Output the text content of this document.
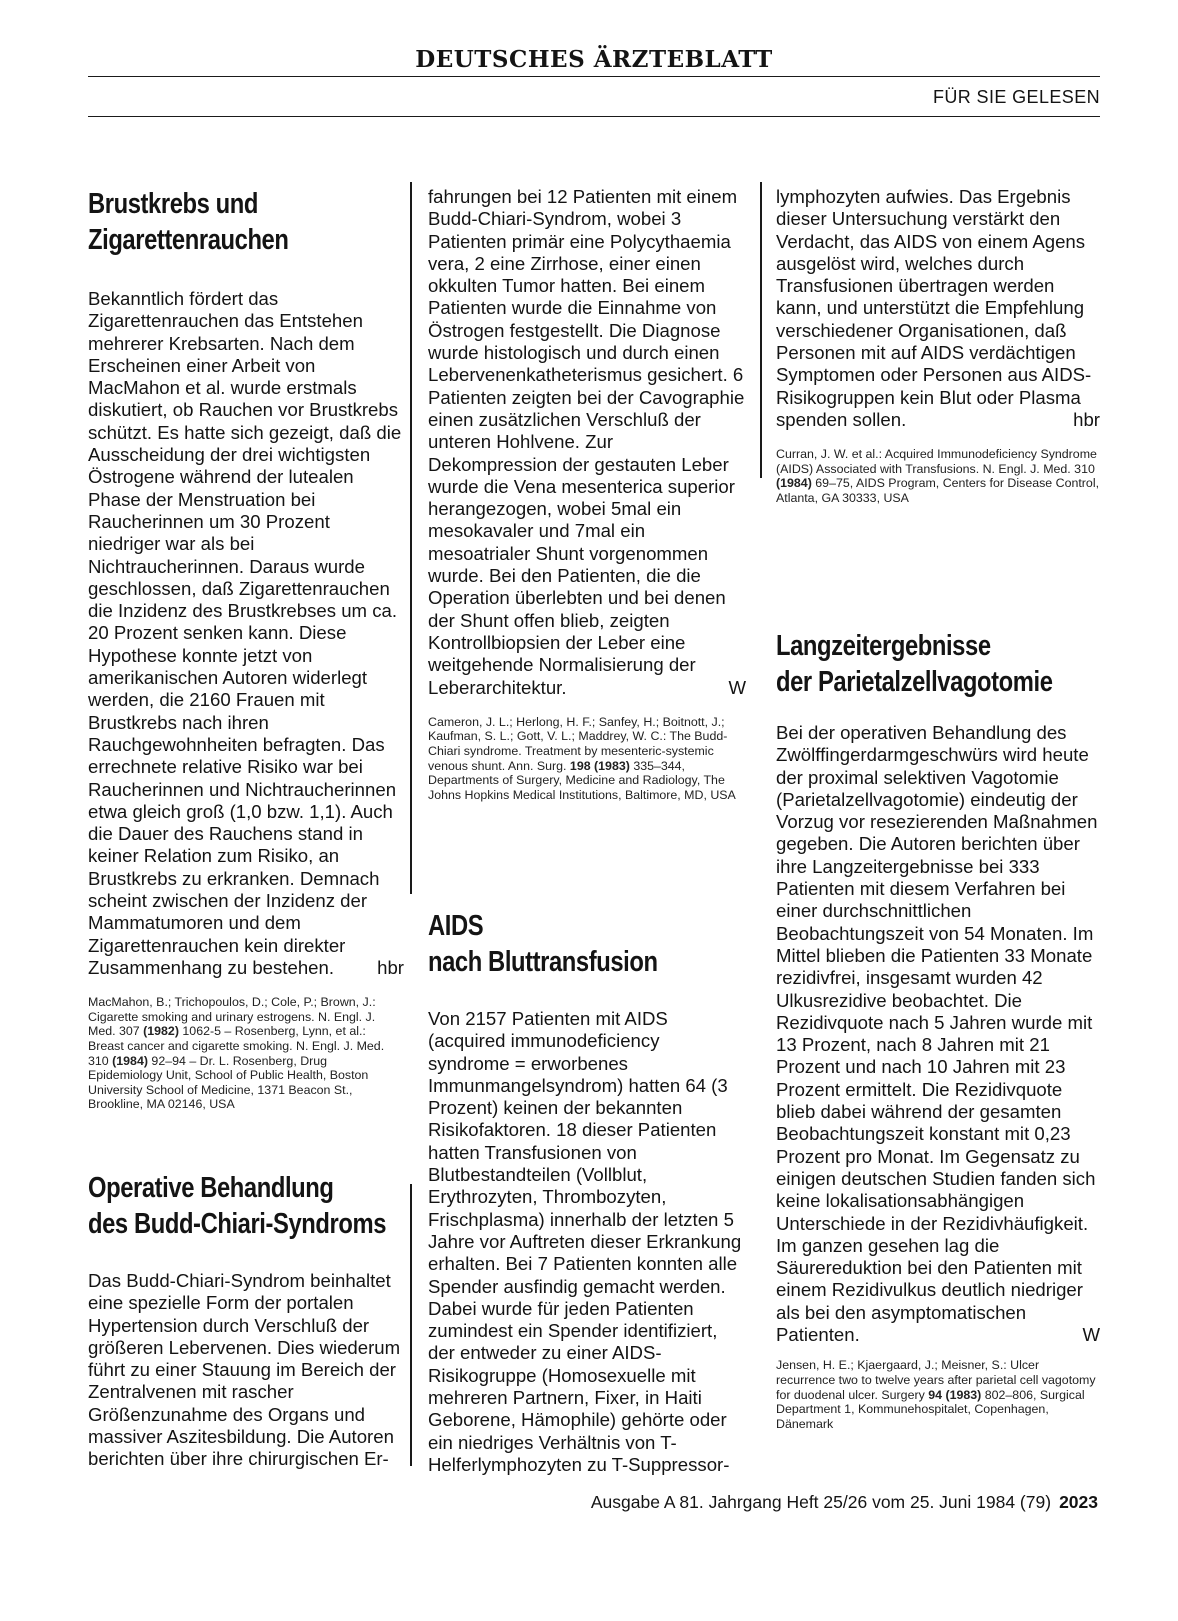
DEUTSCHES ÄRZTEBLATT
FÜR SIE GELESEN
Brustkrebs und
Zigarettenrauchen

Bekanntlich fördert das Zigarettenrauchen das Entstehen mehrerer Krebsarten. Nach dem Erscheinen einer Arbeit von MacMahon et al. wurde erstmals diskutiert, ob Rauchen vor Brustkrebs schützt. Es hatte sich gezeigt, daß die Ausscheidung der drei wichtigsten Östrogene während der lutealen Phase der Menstruation bei Raucherinnen um 30 Prozent niedriger war als bei Nichtraucherinnen. Daraus wurde geschlossen, daß Zigarettenrauchen die Inzidenz des Brustkrebses um ca. 20 Prozent senken kann. Diese Hypothese konnte jetzt von amerikanischen Autoren widerlegt werden, die 2160 Frauen mit Brustkrebs nach ihren Rauchgewohnheiten befragten. Das errechnete relative Risiko war bei Raucherinnen und Nichtraucherinnen etwa gleich groß (1,0 bzw. 1,1). Auch die Dauer des Rauchens stand in keiner Relation zum Risiko, an Brustkrebs zu erkranken. Demnach scheint zwischen der Inzidenz der Mammatumoren und dem Zigarettenrauchen kein direkter Zusammenhang zu bestehen. hbr

MacMahon, B.; Trichopoulos, D.; Cole, P.; Brown, J.: Cigarette smoking and urinary estrogens. N. Engl. J. Med. 307 (1982) 1062-5 – Rosenberg, Lynn, et al.: Breast cancer and cigarette smoking. N. Engl. J. Med. 310 (1984) 92–94 – Dr. L. Rosenberg, Drug Epidemiology Unit, School of Public Health, Boston University School of Medicine, 1371 Beacon St., Brookline, MA 02146, USA

Operative Behandlung
des Budd-Chiari-Syndroms

Das Budd-Chiari-Syndrom beinhaltet eine spezielle Form der portalen Hypertension durch Verschluß der größeren Lebervenen. Dies wiederum führt zu einer Stauung im Bereich der Zentralvenen mit rascher Größenzunahme des Organs und massiver Aszitesbildung. Die Autoren berichten über ihre chirurgischen Er-

fahrungen bei 12 Patienten mit einem Budd-Chiari-Syndrom, wobei 3 Patienten primär eine Polycythaemia vera, 2 eine Zirrhose, einer einen okkulten Tumor hatten. Bei einem Patienten wurde die Einnahme von Östrogen festgestellt. Die Diagnose wurde histologisch und durch einen Lebervenenkatheterismus gesichert. 6 Patienten zeigten bei der Cavographie einen zusätzlichen Verschluß der unteren Hohlvene. Zur Dekompression der gestauten Leber wurde die Vena mesenterica superior herangezogen, wobei 5mal ein mesokavaler und 7mal ein mesoatrialer Shunt vorgenommen wurde. Bei den Patienten, die die Operation überlebten und bei denen der Shunt offen blieb, zeigten Kontrollbiopsien der Leber eine weitgehende Normalisierung der Leberarchitektur.	W

Cameron, J. L.; Herlong, H. F.; Sanfey, H.; Boitnott, J.; Kaufman, S. L.; Gott, V. L.; Maddrey, W. C.: The Budd-Chiari syndrome. Treatment by mesenteric-systemic venous shunt. Ann. Surg. 198 (1983) 335–344, Departments of Surgery, Medicine and Radiology, The Johns Hopkins Medical Institutions, Baltimore, MD, USA

AIDS
nach Bluttransfusion

Von 2157 Patienten mit AIDS (acquired immunodeficiency syndrome = erworbenes Immunmangelsyndrom) hatten 64 (3 Prozent) keinen der bekannten Risikofaktoren. 18 dieser Patienten hatten Transfusionen von Blutbestandteilen (Vollblut, Erythrozyten, Thrombozyten, Frischplasma) innerhalb der letzten 5 Jahre vor Auftreten dieser Erkrankung erhalten. Bei 7 Patienten konnten alle Spender ausfindig gemacht werden. Dabei wurde für jeden Patienten zumindest ein Spender identifiziert, der entweder zu einer AIDS-Risikogruppe (Homosexuelle mit mehreren Partnern, Fixer, in Haiti Geborene, Hämophile) gehörte oder ein niedriges Verhältnis von T-Helferlymphozyten zu T-Suppressor-

lymphozyten aufwies. Das Ergebnis dieser Untersuchung verstärkt den Verdacht, das AIDS von einem Agens ausgelöst wird, welches durch Transfusionen übertragen werden kann, und unterstützt die Empfehlung verschiedener Organisationen, daß Personen mit auf AIDS verdächtigen Symptomen oder Personen aus AIDS-Risikogruppen kein Blut oder Plasma spenden sollen.	hbr

Curran, J. W. et al.: Acquired Immunodeficiency Syndrome (AIDS) Associated with Transfusions. N. Engl. J. Med. 310 (1984) 69–75, AIDS Program, Centers for Disease Control, Atlanta, GA 30333, USA

Langzeitergebnisse
der Parietalzellvagotomie

Bei der operativen Behandlung des Zwölffingerdarmgeschwürs wird heute der proximal selektiven Vagotomie (Parietalzellvagotomie) eindeutig der Vorzug vor resezierenden Maßnahmen gegeben. Die Autoren berichten über ihre Langzeitergebnisse bei 333 Patienten mit diesem Verfahren bei einer durchschnittlichen Beobachtungszeit von 54 Monaten. Im Mittel blieben die Patienten 33 Monate rezidivfrei, insgesamt wurden 42 Ulkusrezidive beobachtet. Die Rezidivquote nach 5 Jahren wurde mit 13 Prozent, nach 8 Jahren mit 21 Prozent und nach 10 Jahren mit 23 Prozent ermittelt. Die Rezidivquote blieb dabei während der gesamten Beobachtungszeit konstant mit 0,23 Prozent pro Monat. Im Gegensatz zu einigen deutschen Studien fanden sich keine lokalisationsabhängigen Unterschiede in der Rezidivhäufigkeit. Im ganzen gesehen lag die Säurereduktion bei den Patienten mit einem Rezidivulkus deutlich niedriger als bei den asymptomatischen Patienten.	W

Jensen, H. E.; Kjaergaard, J.; Meisner, S.: Ulcer recurrence two to twelve years after parietal cell vagotomy for duodenal ulcer. Surgery 94 (1983) 802–806, Surgical Department 1, Kommunehospitalet, Copenhagen, Dänemark

Ausgabe A 81. Jahrgang Heft 25/26 vom 25. Juni 1984 (79) 2023
